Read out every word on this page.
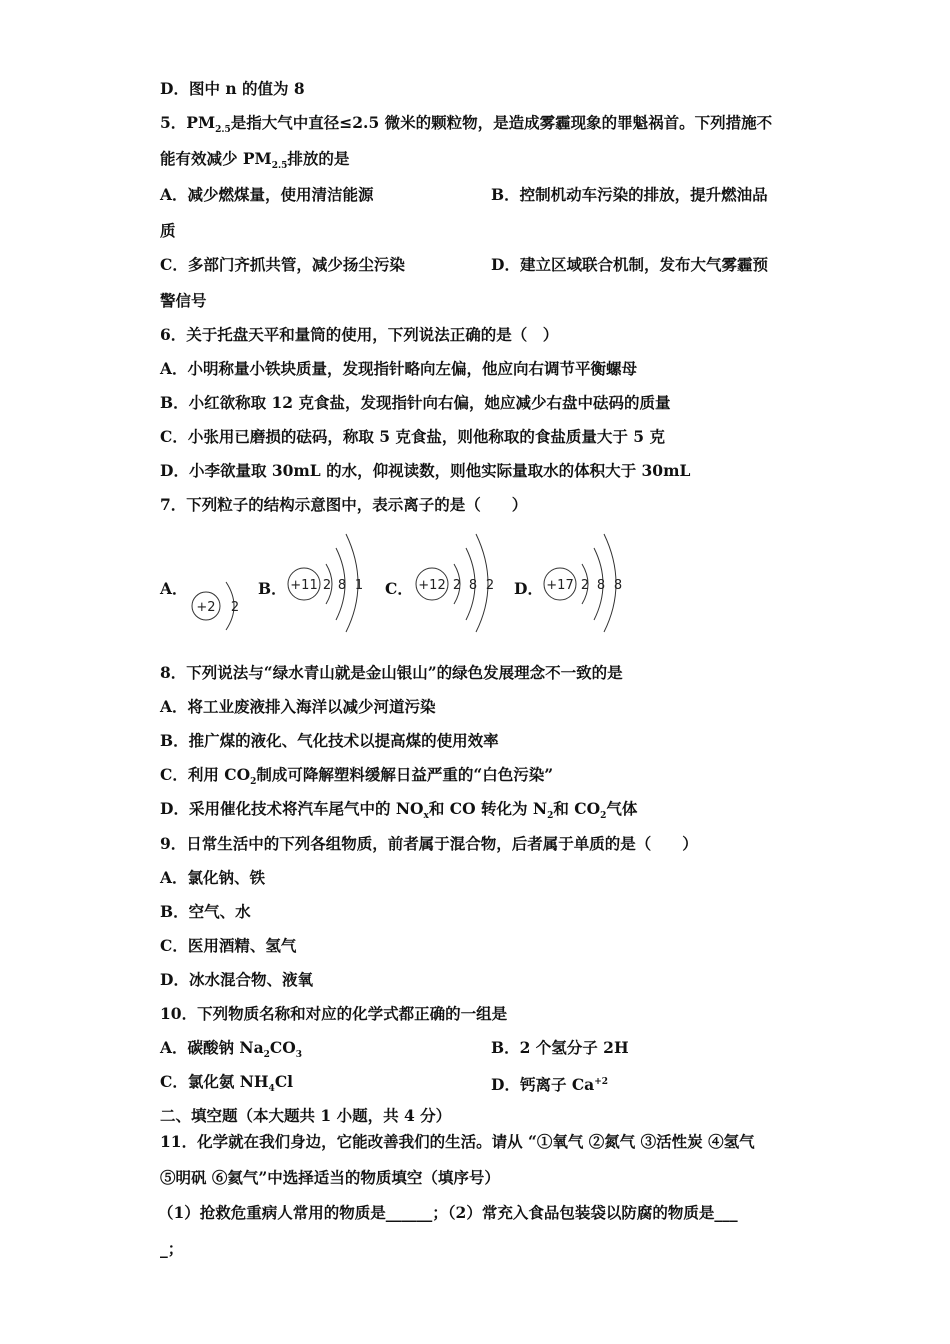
D．图中 n 的值为 8
5．$PM_{2.5}$是指大气中直径≤2.5 微米的颗粒物，是造成雾霾现象的罪魁祸首。下列措施不
能有效减少 $PM_{2.5}$排放的是
A．减少燃煤量，使用清洁能源	B．控制机动车污染的排放，提升燃油品
质
C．多部门齐抓共管，减少扬尘污染	D．建立区域联合机制，发布大气雾霾预
警信号
6．关于托盘天平和量筒的使用，下列说法正确的是（　）
A．小明称量小铁块质量，发现指针略向左偏，他应向右调节平衡螺母
B．小红欲称取 12 克食盐，发现指针向右偏，她应减少右盘中砝码的质量
C．小张用已磨损的砝码，称取 5 克食盐，则他称取的食盐质量大于 5 克
D．小李欲量取 30mL 的水，仰视读数，则他实际量取水的体积大于 30mL
7．下列粒子的结构示意图中，表示离子的是（　　）
A．
+2 2
B． +11 2 8 1 C． +12 2 8 2 D． +17 2 8 8
8．下列说法与“绿水青山就是金山银山”的绿色发展理念不一致的是
A．将工业废液排入海洋以减少河道污染
B．推广煤的液化、气化技术以提高煤的使用效率
C．利用 $CO_2$制成可降解塑料缓解日益严重的“白色污染”
D．采用催化技术将汽车尾气中的 $NO_x$和 CO 转化为 $N_2$和 $CO_2$气体
9．日常生活中的下列各组物质，前者属于混合物，后者属于单质的是（　　）
A．氯化钠、铁
B．空气、水
C．医用酒精、氢气
D．冰水混合物、液氧
10．下列物质名称和对应的化学式都正确的一组是
A．碳酸钠 $Na_2CO_3$	B．2 个氢分子 2H
C．氯化氨 $NH_4Cl$	D．钙离子 $Ca^{+2}$
二、填空题（本大题共 1 小题，共 4 分）
11．化学就在我们身边，它能改善我们的生活。请从 “①氧气 ②氮气 ③活性炭 ④氢气
⑤明矾 ⑥氦气”中选择适当的物质填空（填序号）
（1）抢救危重病人常用的物质是______；（2）常充入食品包装袋以防腐的物质是___
_；
